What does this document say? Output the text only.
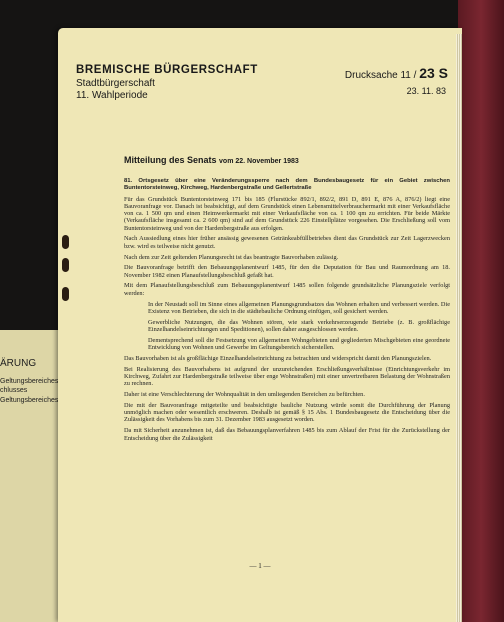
ÄRUNG
Geltungsbereiches
chlusses
Geltungsbereiches
BREMISCHE BÜRGERSCHAFT
Stadtbürgerschaft
11. Wahlperiode
Drucksache 11 / 23 S
23. 11. 83
Mitteilung des Senats vom 22. November 1983

81. Ortsgesetz über eine Veränderungssperre nach dem Bundesbaugesetz für ein Gebiet zwischen Buntentorsteinweg, Kirchweg, Hardenbergstraße und Gellertstraße

Für das Grundstück Buntentorsteinweg 171 bis 185 (Flurstücke 892/1, 892/2, 891 D, 891 E, 876 A, 876/2) liegt eine Bauvoranfrage vor. Danach ist beabsichtigt, auf dem Grundstück einen Lebensmittelverbrauchermarkt mit einer Verkaufsfläche von ca. 1 500 qm und einen Heimwerkermarkt mit einer Verkaufsfläche von ca. 1 100 qm zu errichten. Für beide Märkte (Verkaufsfläche insgesamt ca. 2 600 qm) sind auf dem Grundstück 226 Einstellplätze vorgesehen. Die Erschließung soll vom Buntentorsteinweg und von der Hardenbergstraße aus erfolgen.

Nach Aussiedlung eines hier früher ansässig gewesenen Getränkeabfüllbetriebes dient das Grundstück zur Zeit Lagerzwecken bzw. wird es teilweise nicht genutzt.

Nach dem zur Zeit geltenden Planungsrecht ist das beantragte Bauvorhaben zulässig.

Die Bauvoranfrage betrifft den Bebauungsplanentwurf 1485, für den die Deputation für Bau und Raumordnung am 18. November 1982 einen Planaufstellungsbeschluß gefaßt hat.

Mit dem Planaufstellungsbeschluß zum Bebauungsplanentwurf 1485 sollen folgende grundsätzliche Planungsziele verfolgt werden:

In der Neustadt soll im Sinne eines allgemeinen Planungsgrundsatzes das Wohnen erhalten und verbessert werden. Die Existenz von Betrieben, die sich in die städtebauliche Ordnung einfügen, soll gesichert werden.

Gewerbliche Nutzungen, die das Wohnen stören, wie stark verkehrserzeugende Betriebe (z. B. großflächige Einzelhandelseinrichtungen und Speditionen), sollen daher ausgeschlossen werden.

Dementsprechend soll die Festsetzung von allgemeinen Wohngebieten und gegliederten Mischgebieten eine geordnete Entwicklung von Wohnen und Gewerbe im Geltungsbereich sicherstellen.

Das Bauvorhaben ist als großflächige Einzelhandelseinrichtung zu betrachten und widerspricht damit den Planungszielen.

Bei Realisierung des Bauvorhabens ist aufgrund der unzureichenden Erschließungsverhältnisse (Einrichtungsverkehr im Kirchweg, Zufahrt zur Hardenbergstraße teilweise über enge Wohnstraßen) mit einer unvertretbaren Belastung der Wohnstraßen zu rechnen.

Daher ist eine Verschlechterung der Wohnqualität in den umliegenden Bereichen zu befürchten.

Die mit der Bauvoranfrage mitgeteilte und beabsichtigte bauliche Nutzung würde somit die Durchführung der Planung unmöglich machen oder wesentlich erschweren. Deshalb ist gemäß § 15 Abs. 1 Bundesbaugesetz die Entscheidung über die Zulässigkeit des Vorhabens bis zum 31. Dezember 1983 ausgesetzt worden.

Da mit Sicherheit anzunehmen ist, daß das Bebauungsplanverfahren 1485 bis zum Ablauf der Frist für die Zurückstellung der Entscheidung über die Zulässigkeit

— 1 —
